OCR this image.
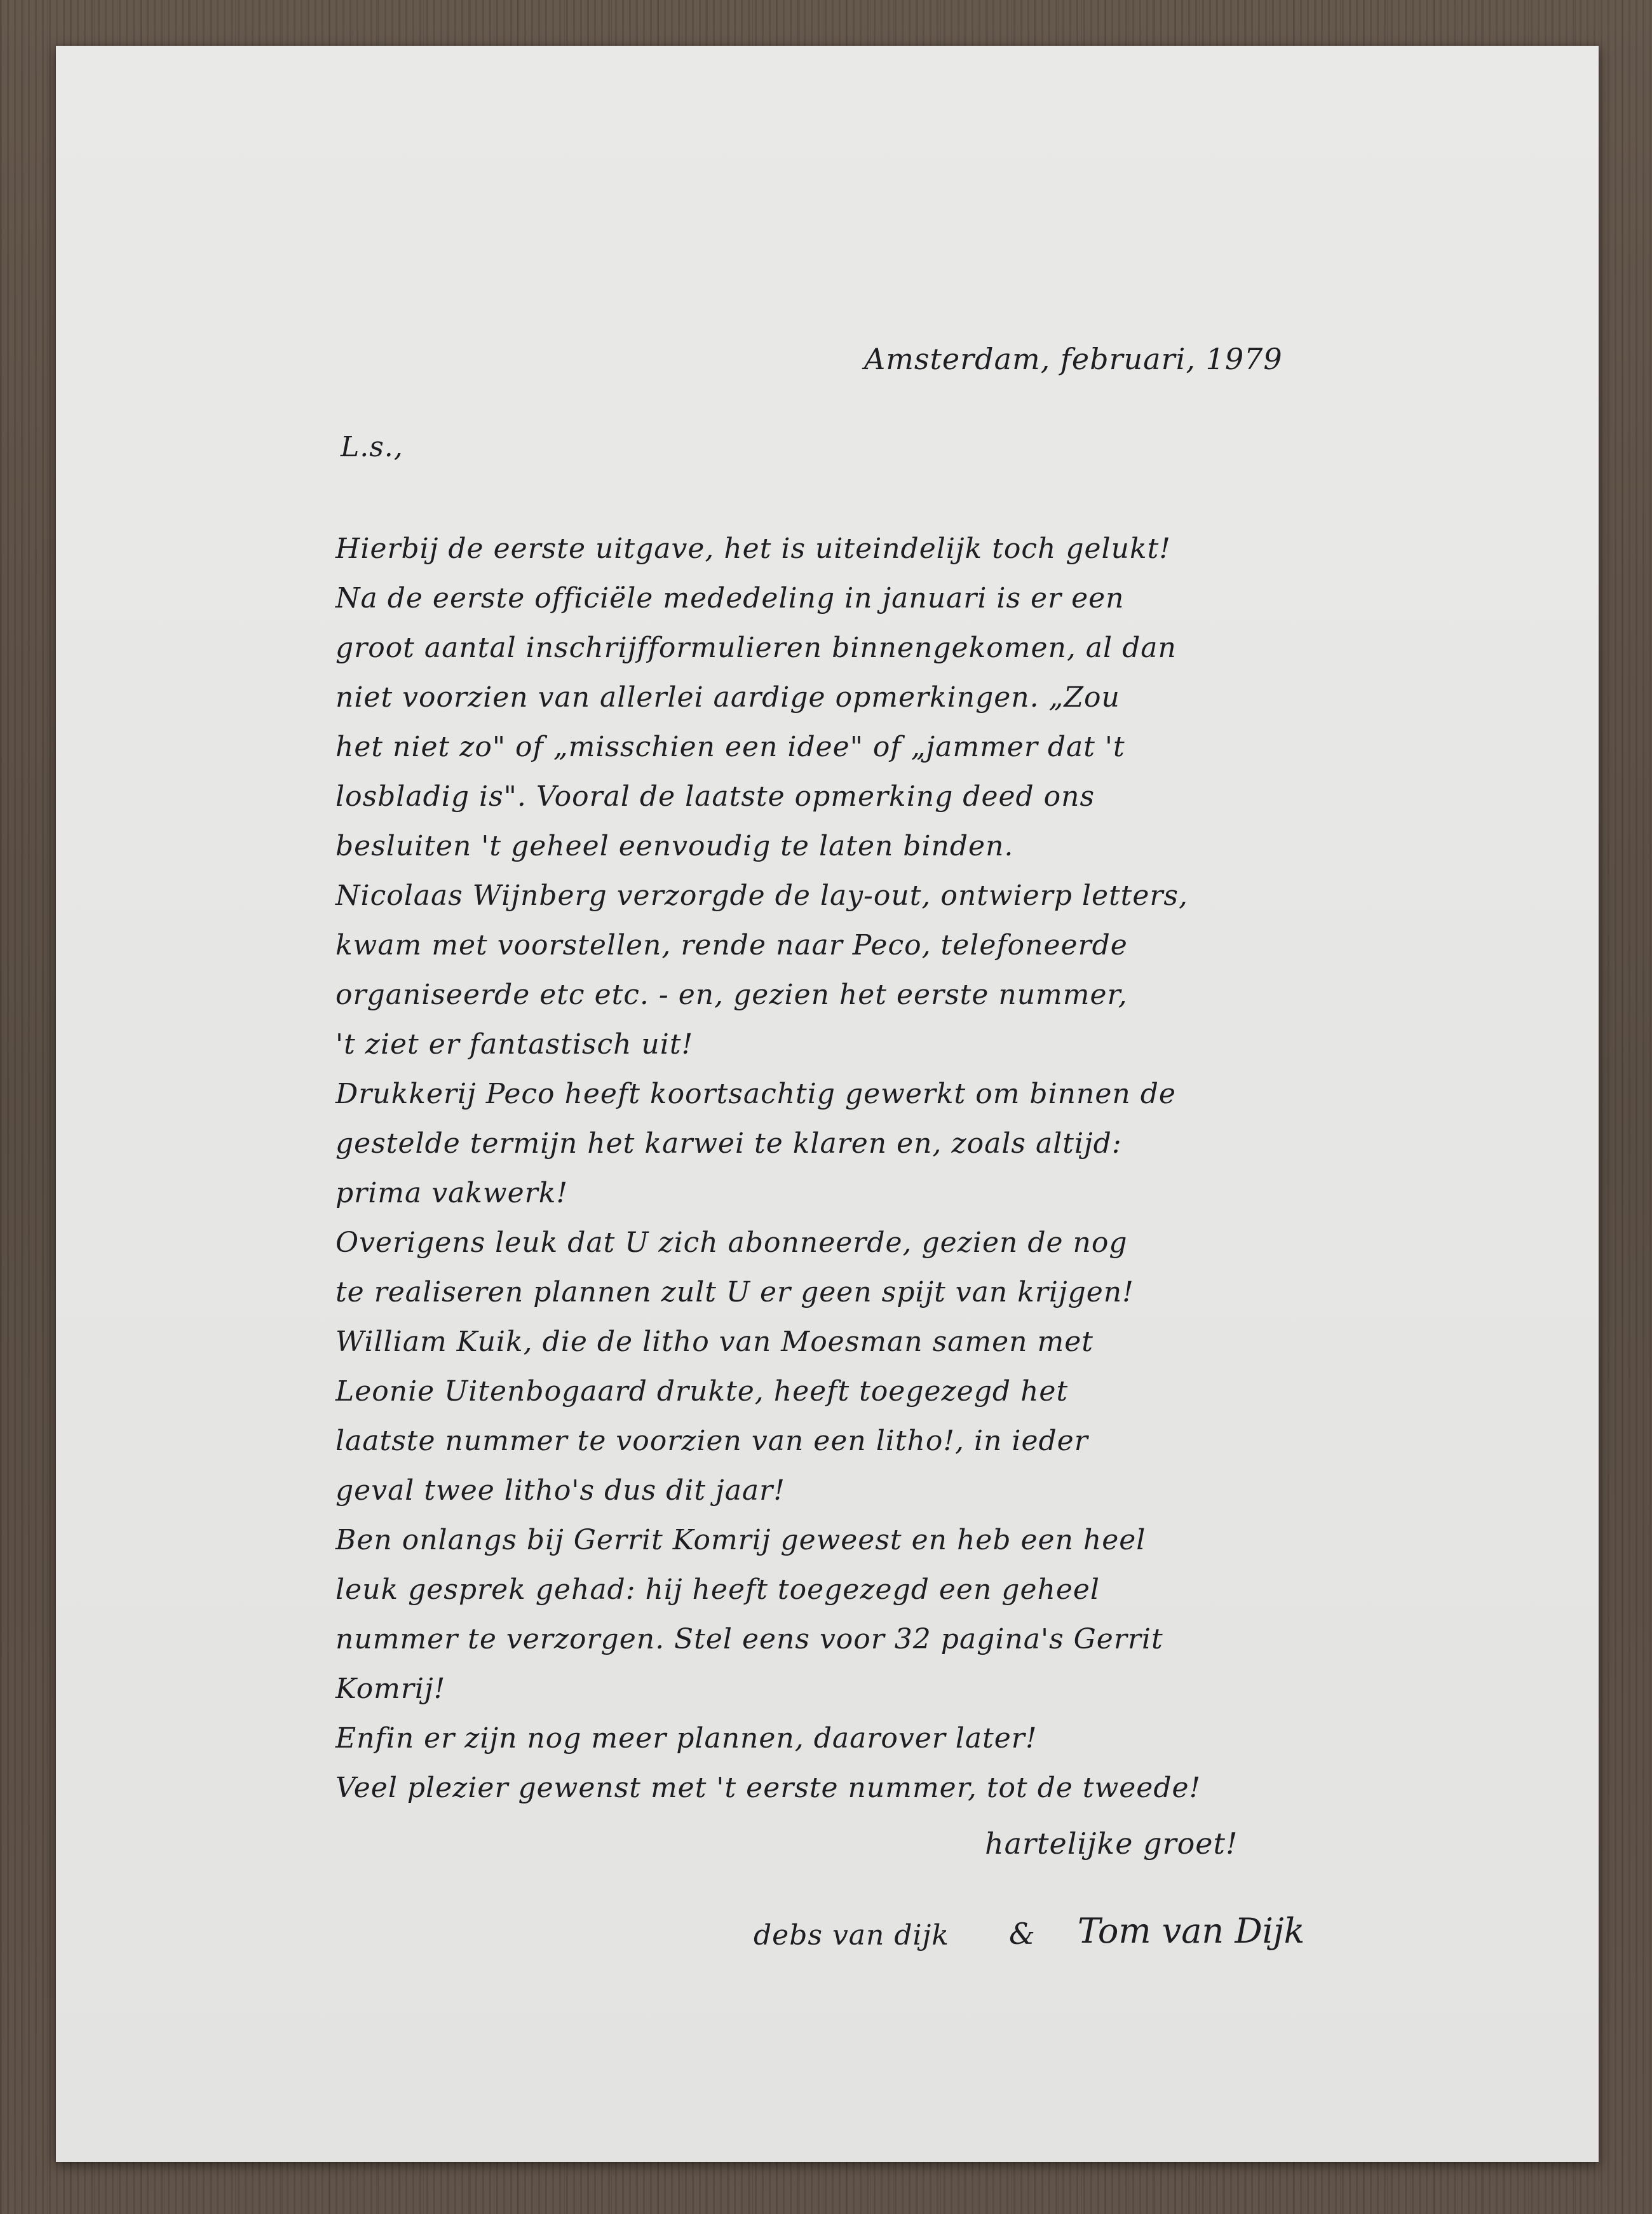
Amsterdam, februari, 1979
L.s.,
Hierbij de eerste uitgave, het is uiteindelijk toch gelukt!
Na de eerste officiële mededeling in januari is er een
groot aantal inschrijfformulieren binnengekomen, al dan
niet voorzien van allerlei aardige opmerkingen. „Zou
het niet zo" of „misschien een idee" of „jammer dat 't
losbladig is". Vooral de laatste opmerking deed ons
besluiten 't geheel eenvoudig te laten binden.
Nicolaas Wijnberg verzorgde de lay-out, ontwierp letters,
kwam met voorstellen, rende naar Peco, telefoneerde
organiseerde etc etc. - en, gezien het eerste nummer,
't ziet er fantastisch uit!
Drukkerij Peco heeft koortsachtig gewerkt om binnen de
gestelde termijn het karwei te klaren en, zoals altijd:
prima vakwerk!
Overigens leuk dat U zich abonneerde, gezien de nog
te realiseren plannen zult U er geen spijt van krijgen!
William Kuik, die de litho van Moesman samen met
Leonie Uitenbogaard drukte, heeft toegezegd het
laatste nummer te voorzien van een litho!, in ieder
geval twee litho's dus dit jaar!
Ben onlangs bij Gerrit Komrij geweest en heb een heel
leuk gesprek gehad: hij heeft toegezegd een geheel
nummer te verzorgen. Stel eens voor 32 pagina's Gerrit
Komrij!
Enfin er zijn nog meer plannen, daarover later!
Veel plezier gewenst met 't eerste nummer, tot de tweede!
hartelijke groet!
debs van dijk & Tom van Dijk
